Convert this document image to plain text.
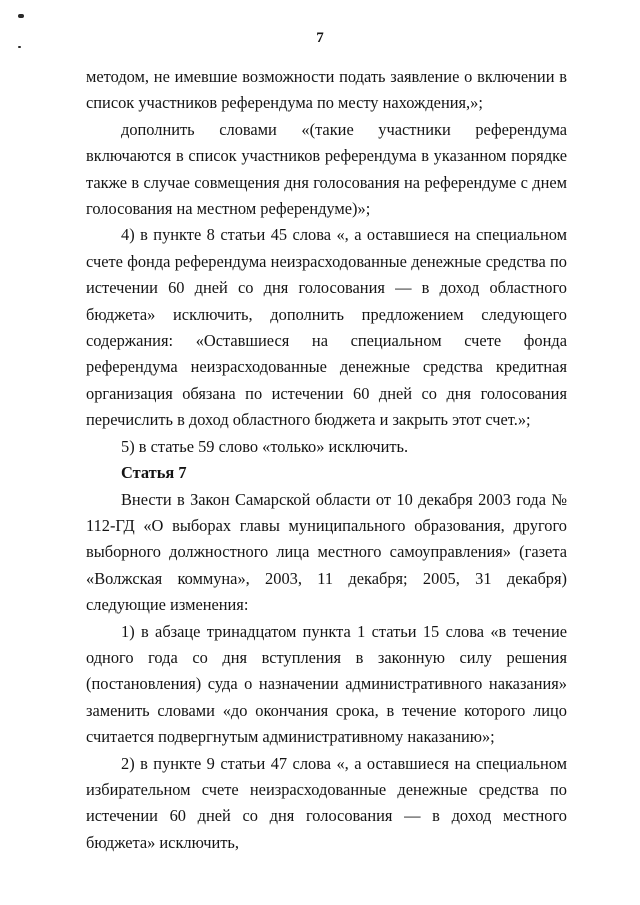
7

методом, не имевшие возможности подать заявление о включении в список участников референдума по месту нахождения,»;

дополнить словами «(такие участники референдума включаются в список участников референдума в указанном порядке также в случае совмещения дня голосования на референдуме с днем голосования на местном референдуме)»;

4) в пункте 8 статьи 45 слова «, а оставшиеся на специальном счете фонда референдума неизрасходованные денежные средства по истечении 60 дней со дня голосования — в доход областного бюджета» исключить, дополнить предложением следующего содержания: «Оставшиеся на специальном счете фонда референдума неизрасходованные денежные средства кредитная организация обязана по истечении 60 дней со дня голосования перечислить в доход областного бюджета и закрыть этот счет.»;

5) в статье 59 слово «только» исключить.

Статья 7

Внести в Закон Самарской области от 10 декабря 2003 года № 112-ГД «О выборах главы муниципального образования, другого выборного должностного лица местного самоуправления» (газета «Волжская коммуна», 2003, 11 декабря; 2005, 31 декабря) следующие изменения:

1) в абзаце тринадцатом пункта 1 статьи 15 слова «в течение одного года со дня вступления в законную силу решения (постановления) суда о назначении административного наказания» заменить словами «до окончания срока, в течение которого лицо считается подвергнутым административному наказанию»;

2) в пункте 9 статьи 47 слова «, а оставшиеся на специальном избирательном счете неизрасходованные денежные средства по истечении 60 дней со дня голосования — в доход местного бюджета» исключить,
